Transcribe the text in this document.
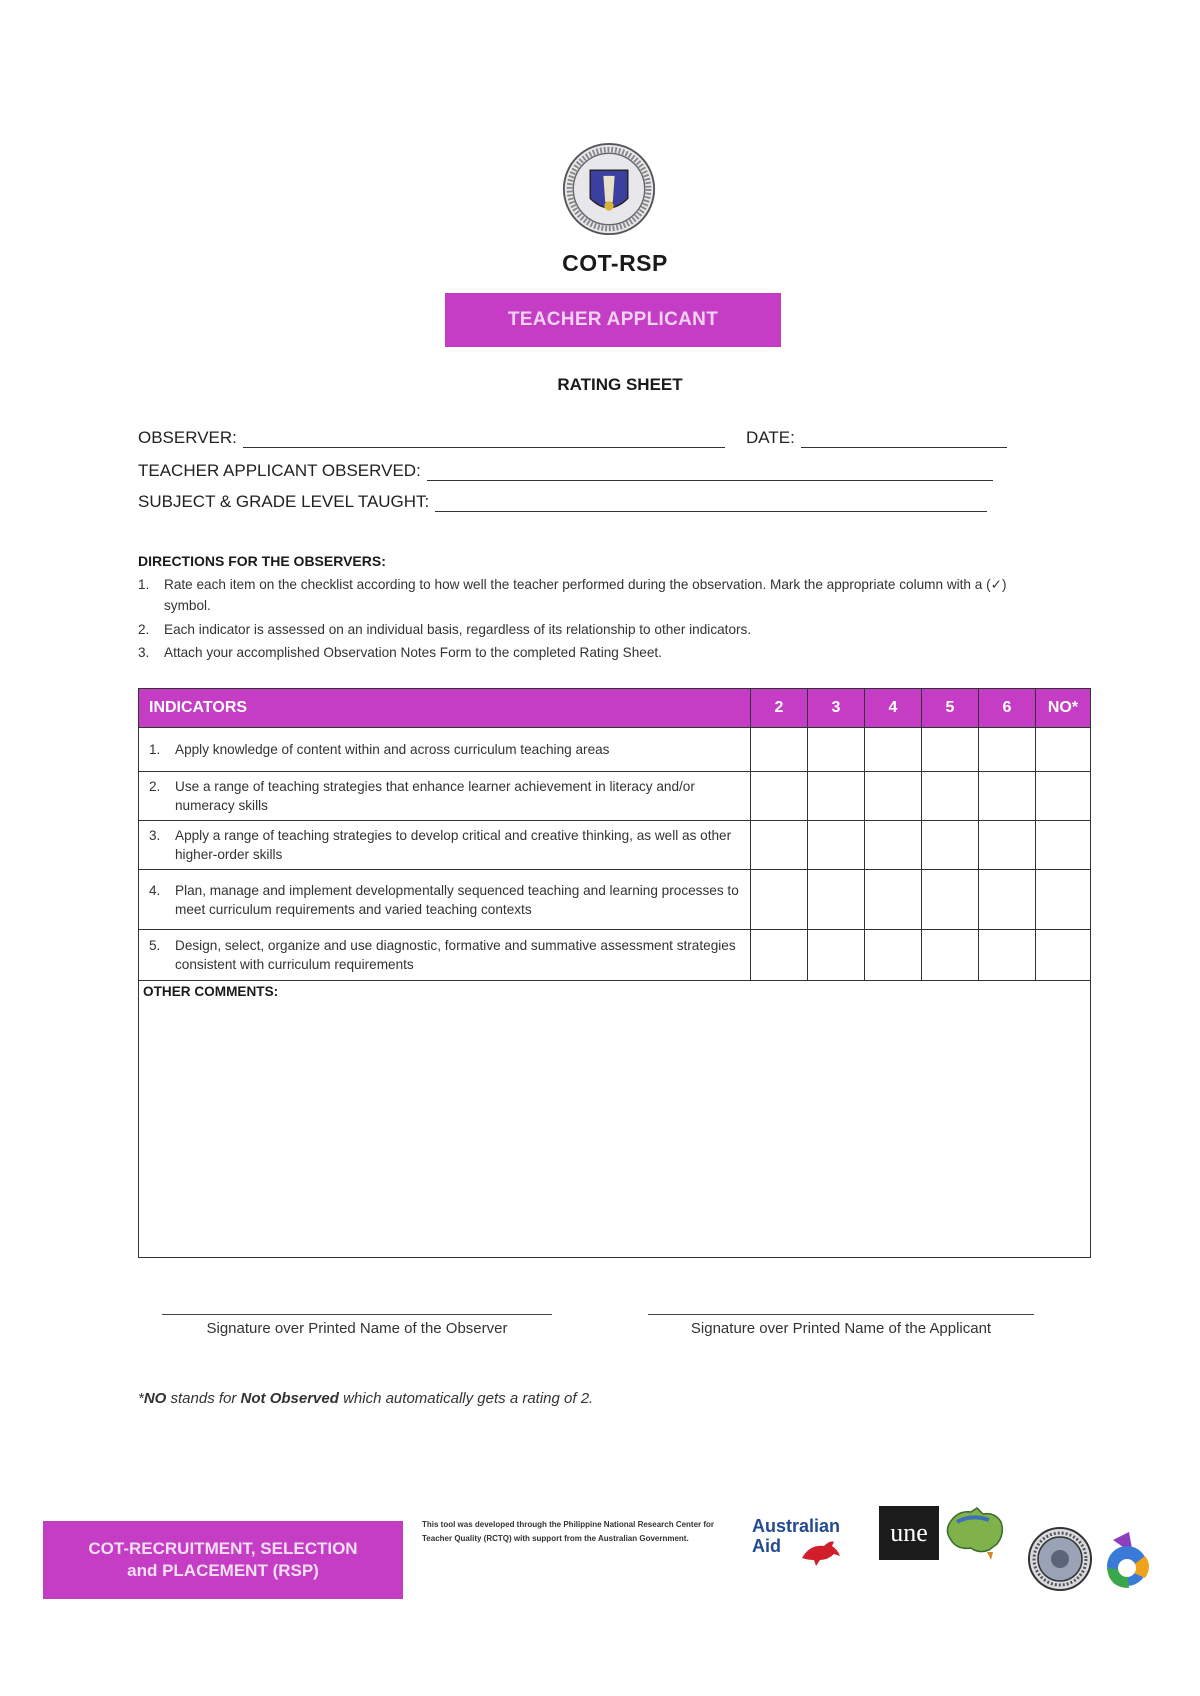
COT-RSP
TEACHER APPLICANT
RATING SHEET
OBSERVER:	DATE:
TEACHER APPLICANT OBSERVED:
SUBJECT & GRADE LEVEL TAUGHT:
DIRECTIONS FOR THE OBSERVERS:
1. Rate each item on the checklist according to how well the teacher performed during the observation. Mark the appropriate column with a (✓) symbol.
2. Each indicator is assessed on an individual basis, regardless of its relationship to other indicators.
3. Attach your accomplished Observation Notes Form to the completed Rating Sheet.
INDICATORS	2	3	4	5	6	NO*

1. Apply knowledge of content within and across curriculum teaching areas						

2. Use a range of teaching strategies that enhance learner achievement in literacy and/or numeracy skills						

3. Apply a range of teaching strategies to develop critical and creative thinking, as well as other higher-order skills						

4. Plan, manage and implement developmentally sequenced teaching and learning processes to meet curriculum requirements and varied teaching contexts						

5. Design, select, organize and use diagnostic, formative and summative assessment strategies consistent with curriculum requirements						

OTHER COMMENTS:						
Signature over Printed Name of the Observer	Signature over Printed Name of the Applicant
*NO stands for Not Observed which automatically gets a rating of 2.
COT-RECRUITMENT, SELECTION
and PLACEMENT (RSP)
This tool was developed through the Philippine National Research Center for Teacher Quality (RCTQ) with support from the Australian Government.
Australian
Aid	une
